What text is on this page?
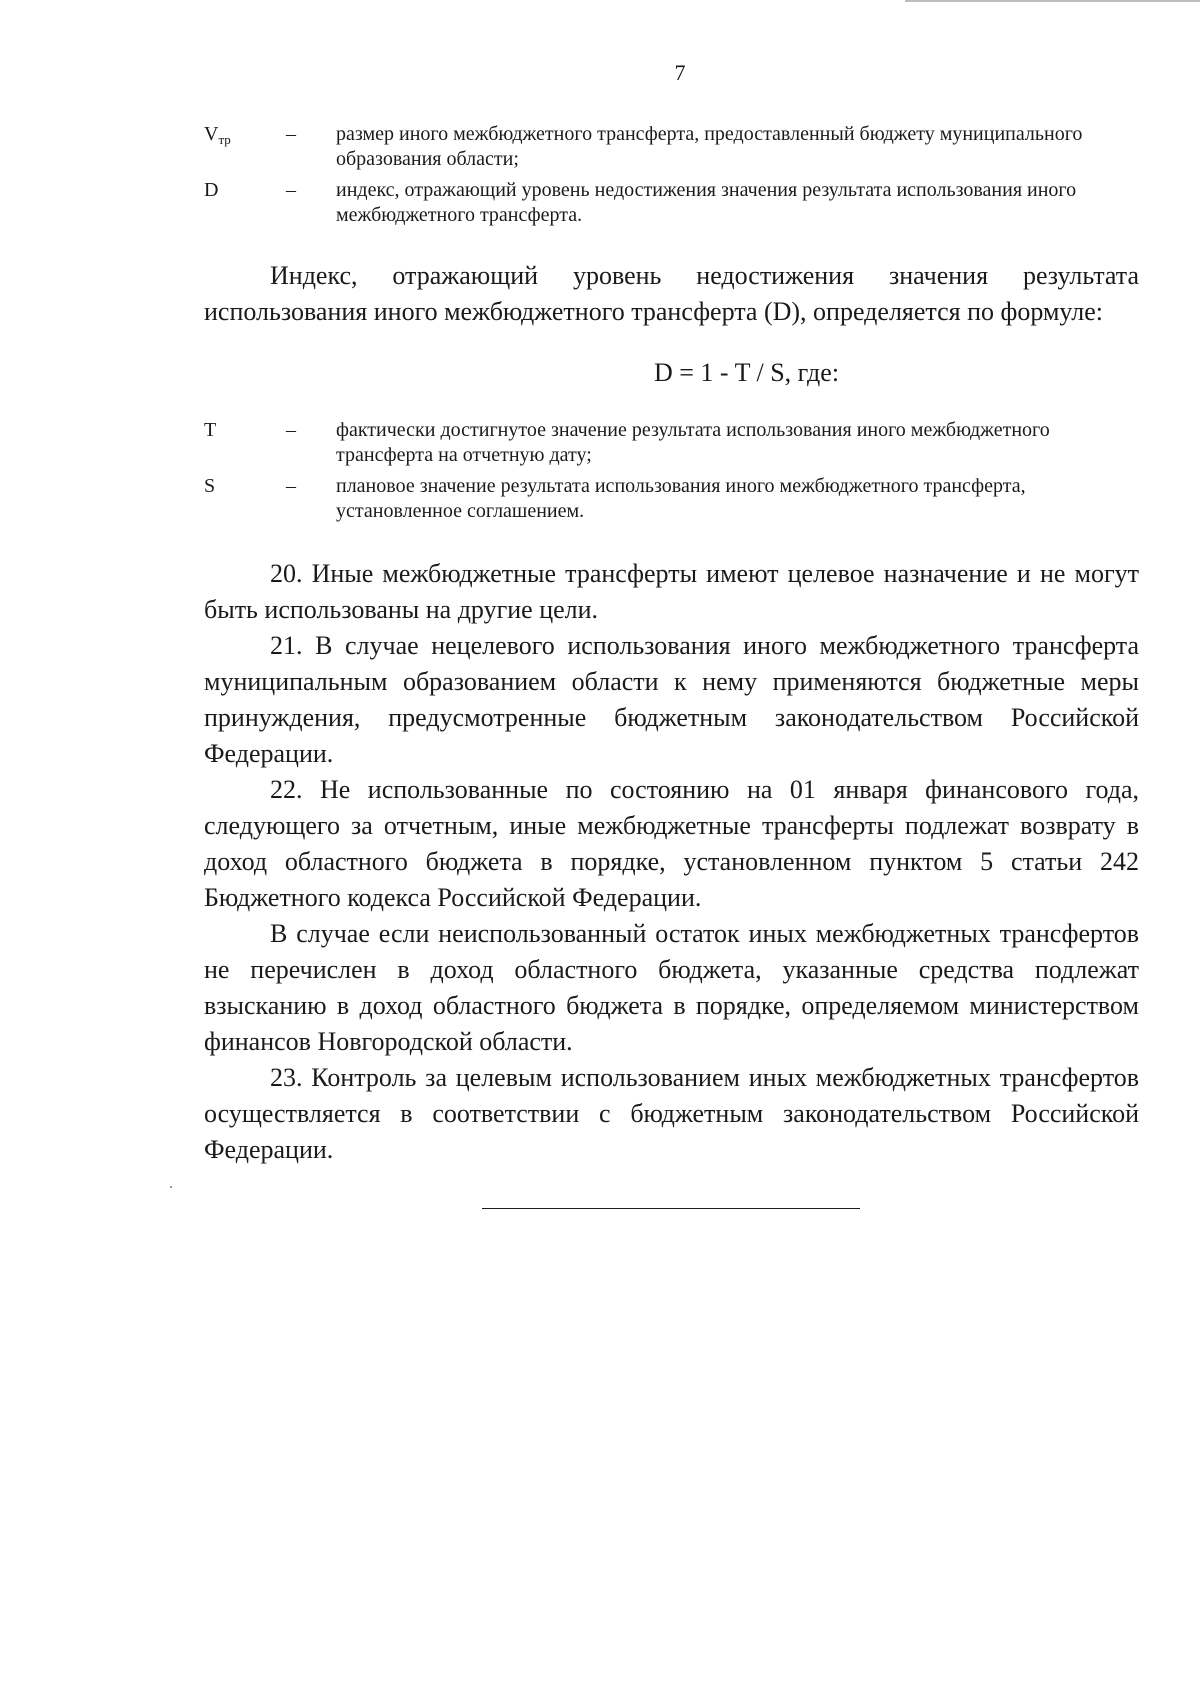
7
$V_{тр}$	–	размер иного межбюджетного трансферта, предоставленный бюджету муниципального образования области;
D	–	индекс, отражающий уровень недостижения значения результата использования иного межбюджетного трансферта.

Индекс, отражающий уровень недостижения значения результата использования иного межбюджетного трансферта (D), определяется по формуле:

D = 1 - T / S, где:
T	–	фактически достигнутое значение результата использования иного межбюджетного трансферта на отчетную дату;
S	–	плановое значение результата использования иного межбюджетного трансферта, установленное соглашением.

20. Иные межбюджетные трансферты имеют целевое назначение и не могут быть использованы на другие цели.

21. В случае нецелевого использования иного межбюджетного трансферта муниципальным образованием области к нему применяются бюджетные меры принуждения, предусмотренные бюджетным законодательством Российской Федерации.

22. Не использованные по состоянию на 01 января финансового года, следующего за отчетным, иные межбюджетные трансферты подлежат возврату в доход областного бюджета в порядке, установленном пунктом 5 статьи 242 Бюджетного кодекса Российской Федерации.

В случае если неиспользованный остаток иных межбюджетных трансфертов не перечислен в доход областного бюджета, указанные средства подлежат взысканию в доход областного бюджета в порядке, определяемом министерством финансов Новгородской области.

23. Контроль за целевым использованием иных межбюджетных трансфертов осуществляется в соответствии с бюджетным законодательством Российской Федерации.
